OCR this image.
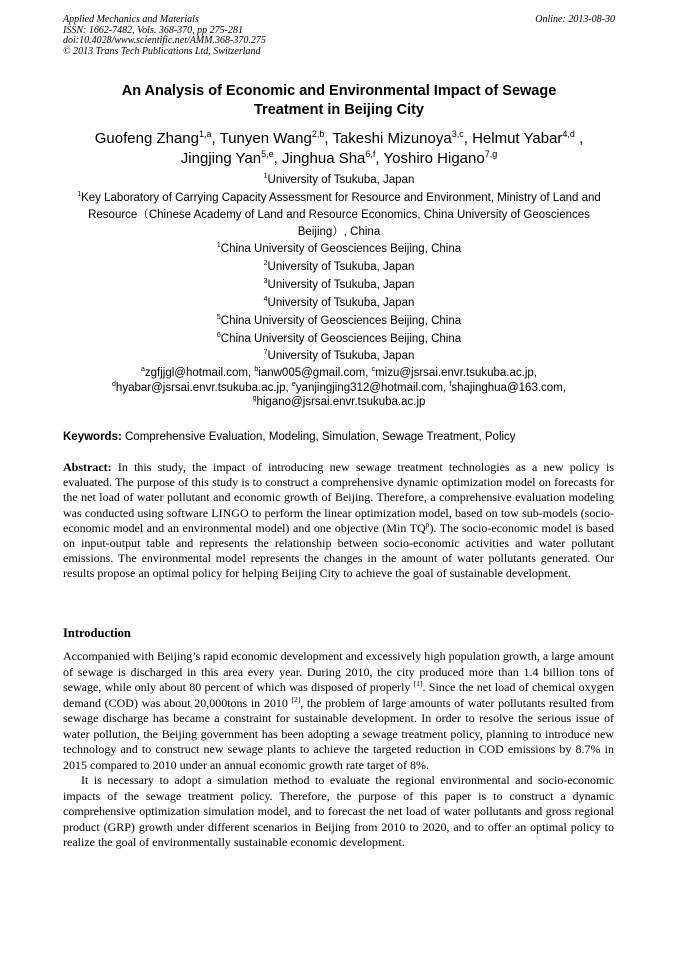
Applied Mechanics and Materials
ISSN: 1662-7482, Vols. 368-370, pp 275-281
doi:10.4028/www.scientific.net/AMM.368-370.275
© 2013 Trans Tech Publications Ltd, Switzerland
Online: 2013-08-30
An Analysis of Economic and Environmental Impact of Sewage
Treatment in Beijing City
Guofeng Zhang$^{1,a}$, Tunyen Wang$^{2,b}$, Takeshi Mizunoya$^{3,c}$, Helmut Yabar$^{4,d}$ ,
Jingjing Yan$^{5,e}$, Jinghua Sha$^{6,f}$, Yoshiro Higano$^{7,g}$
$^1$University of Tsukuba, Japan
$^1$Key Laboratory of Carrying Capacity Assessment for Resource and Environment, Ministry of Land and Resource（Chinese Academy of Land and Resource Economics, China University of Geosciences Beijing）, China
$^1$China University of Geosciences Beijing, China
$^2$University of Tsukuba, Japan
$^3$University of Tsukuba, Japan
$^4$University of Tsukuba, Japan
$^5$China University of Geosciences Beijing, China
$^6$China University of Geosciences Beijing, China
$^7$University of Tsukuba, Japan
$^a$zgfjjgl@hotmail.com, $^b$ianw005@gmail.com, $^c$mizu@jsrsai.envr.tsukuba.ac.jp,
$^d$hyabar@jsrsai.envr.tsukuba.ac.jp, $^e$yanjingjing312@hotmail.com, $^f$shajinghua@163.com,
$^g$higano@jsrsai.envr.tsukuba.ac.jp
Keywords: Comprehensive Evaluation, Modeling, Simulation, Sewage Treatment, Policy
Abstract: In this study, the impact of introducing new sewage treatment technologies as a new policy is evaluated. The purpose of this study is to construct a comprehensive dynamic optimization model on forecasts for the net load of water pollutant and economic growth of Beijing. Therefore, a comprehensive evaluation modeling was conducted using software LINGO to perform the linear optimization model, based on tow sub-models (socio-economic model and an environmental model) and one objective (Min $TQ^p$). The socio-economic model is based on input-output table and represents the relationship between socio-economic activities and water pollutant emissions. The environmental model represents the changes in the amount of water pollutants generated. Our results propose an optimal policy for helping Beijing City to achieve the goal of sustainable development.
Introduction

Accompanied with Beijing’s rapid economic development and excessively high population growth, a large amount of sewage is discharged in this area every year. During 2010, the city produced more than 1.4 billion tons of sewage, while only about 80 percent of which was disposed of properly [1]. Since the net load of chemical oxygen demand (COD) was about 20,000tons in 2010 [2], the problem of large amounts of water pollutants resulted from sewage discharge has became a constraint for sustainable development. In order to resolve the serious issue of water pollution, the Beijing government has been adopting a sewage treatment policy, planning to introduce new technology and to construct new sewage plants to achieve the targeted reduction in COD emissions by 8.7% in 2015 compared to 2010 under an annual economic growth rate target of 8%.

It is necessary to adopt a simulation method to evaluate the regional environmental and socio-economic impacts of the sewage treatment policy. Therefore, the purpose of this paper is to construct a dynamic comprehensive optimization simulation model, and to forecast the net load of water pollutants and gross regional product (GRP) growth under different scenarios in Beijing from 2010 to 2020, and to offer an optimal policy to realize the goal of environmentally sustainable economic development.
